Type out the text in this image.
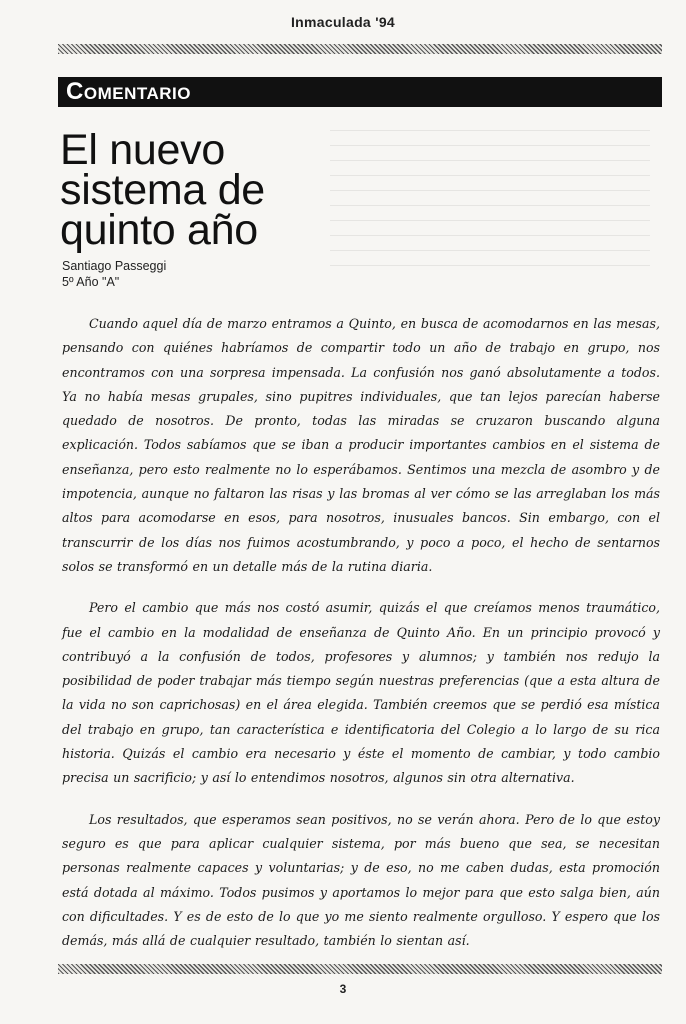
Inmaculada '94
COMENTARIO
El nuevo
sistema de
quinto año
Santiago Passeggi
5º Año "A"

Cuando aquel día de marzo entramos a Quinto, en busca de acomodarnos en las mesas, pensando con quiénes habríamos de compartir todo un año de trabajo en grupo, nos encontramos con una sorpresa impensada. La confusión nos ganó absolutamente a todos. Ya no había mesas grupales, sino pupitres individuales, que tan lejos parecían haberse quedado de nosotros. De pronto, todas las miradas se cruzaron buscando alguna explicación. Todos sabíamos que se iban a producir importantes cambios en el sistema de enseñanza, pero esto realmente no lo esperábamos. Sentimos una mezcla de asombro y de impotencia, aunque no faltaron las risas y las bromas al ver cómo se las arreglaban los más altos para acomodarse en esos, para nosotros, inusuales bancos. Sin embargo, con el transcurrir de los días nos fuimos acostumbrando, y poco a poco, el hecho de sentarnos solos se transformó en un detalle más de la rutina diaria.

Pero el cambio que más nos costó asumir, quizás el que creíamos menos traumático, fue el cambio en la modalidad de enseñanza de Quinto Año. En un principio provocó y contribuyó a la confusión de todos, profesores y alumnos; y también nos redujo la posibilidad de poder trabajar más tiempo según nuestras preferencias (que a esta altura de la vida no son caprichosas) en el área elegida. También creemos que se perdió esa mística del trabajo en grupo, tan característica e identificatoria del Colegio a lo largo de su rica historia. Quizás el cambio era necesario y éste el momento de cambiar, y todo cambio precisa un sacrificio; y así lo entendimos nosotros, algunos sin otra alternativa.

Los resultados, que esperamos sean positivos, no se verán ahora. Pero de lo que estoy seguro es que para aplicar cualquier sistema, por más bueno que sea, se necesitan personas realmente capaces y voluntarias; y de eso, no me caben dudas, esta promoción está dotada al máximo. Todos pusimos y aportamos lo mejor para que esto salga bien, aún con dificultades. Y es de esto de lo que yo me siento realmente orgulloso. Y espero que los demás, más allá de cualquier resultado, también lo sientan así.

3
